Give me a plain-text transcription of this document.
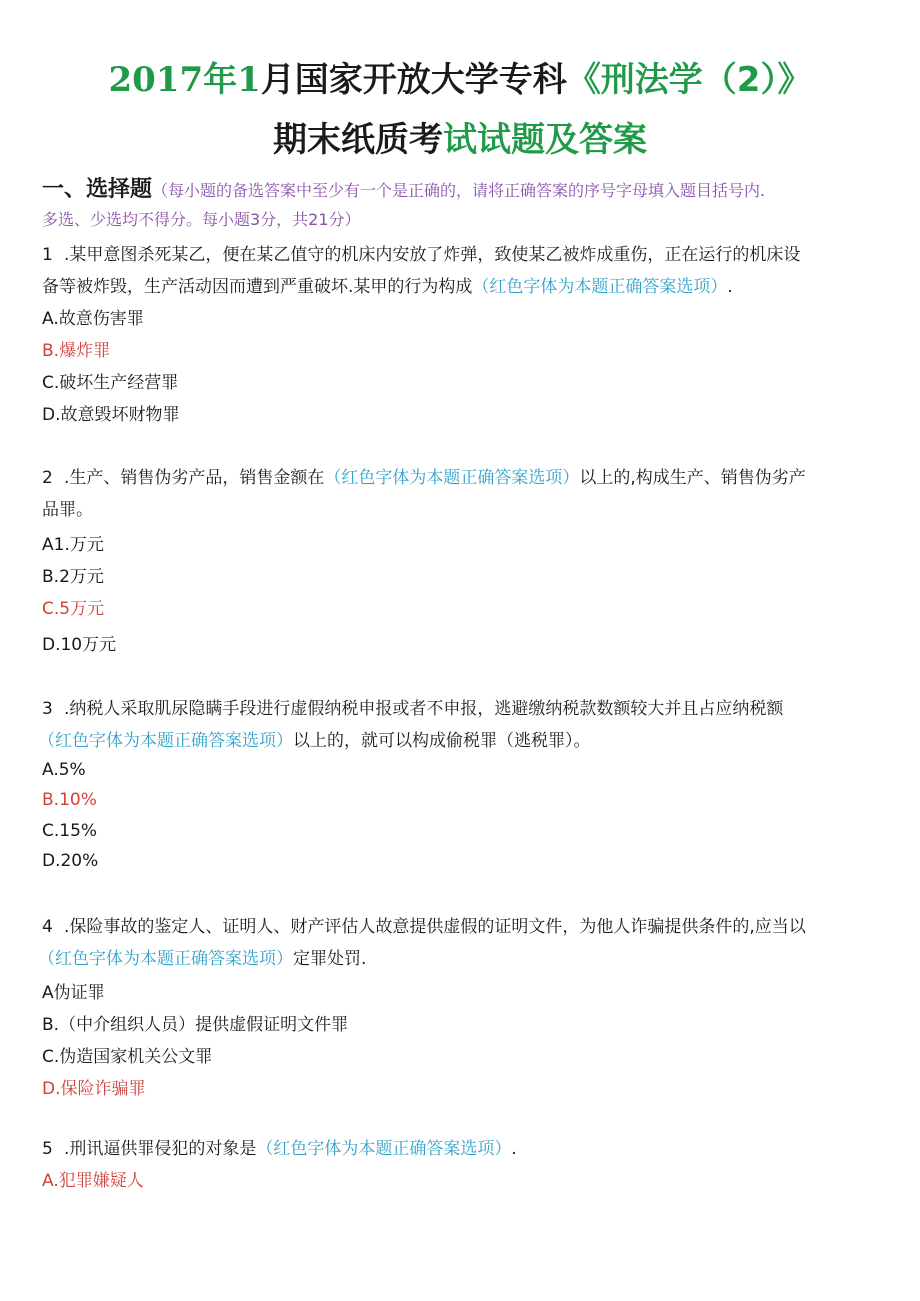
2017年1月国家开放大学专科《刑法学（2）》
期末纸质考试试题及答案
一、选择题（每小题的备选答案中至少有一个是正确的，请将正确答案的序号字母填入题目括号内.
多选、少选均不得分。每小题3分，共21分）
1 .某甲意图杀死某乙，便在某乙值守的机床内安放了炸弹，致使某乙被炸成重伤，正在运行的机床设
备等被炸毁，生产活动因而遭到严重破坏.某甲的行为构成（红色字体为本题正确答案选项）.
A.故意伤害罪
B.爆炸罪
C.破坏生产经营罪
D.故意毁坏财物罪
2 .生产、销售伪劣产品，销售金额在（红色字体为本题正确答案选项）以上的,构成生产、销售伪劣产
品罪。
A1.万元
B.2万元
C.5万元
D.10万元
3 .纳税人采取肌尿隐瞒手段进行虚假纳税申报或者不申报，逃避缴纳税款数额较大并且占应纳税额
（红色字体为本题正确答案选项）以上的，就可以构成偷税罪（逃税罪）。
A.5%
B.10%
C.15%
D.20%
4 .保险事故的鉴定人、证明人、财产评估人故意提供虚假的证明文件，为他人诈骗提供条件的,应当以
（红色字体为本题正确答案选项）定罪处罚.
A伪证罪
B.（中介组织人员）提供虚假证明文件罪
C.伪造国家机关公文罪
D.保险诈骗罪
5 .刑讯逼供罪侵犯的对象是（红色字体为本题正确答案选项）.
A.犯罪嫌疑人
